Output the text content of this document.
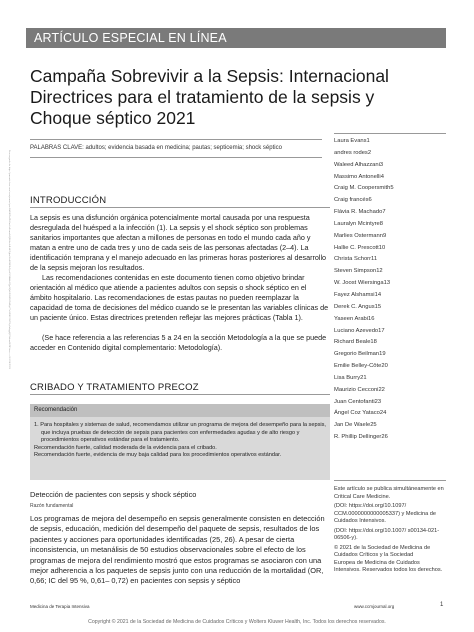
ARTÍCULO ESPECIAL EN LÍNEA
Campaña Sobrevivir a la Sepsis: Internacional
Directrices para el tratamiento de la sepsis y
Choque séptico 2021
PALABRAS CLAVE: adultos; evidencia basada en medicina; pautas; septicemia; shock séptico
INTRODUCCIÓN

La sepsis es una disfunción orgánica potencialmente mortal causada por una respuesta desregulada del huésped a la infección (1). La sepsis y el shock séptico son problemas sanitarios importantes que afectan a millones de personas en todo el mundo cada año y matan a entre uno de cada tres y uno de cada seis de las personas afectadas (2–4). La identificación temprana y el manejo adecuado en las primeras horas posteriores al desarrollo de la sepsis mejoran los resultados.

Las recomendaciones contenidas en este documento tienen como objetivo brindar orientación al médico que atiende a pacientes adultos con sepsis o shock séptico en el ámbito hospitalario. Las recomendaciones de estas pautas no pueden reemplazar la capacidad de toma de decisiones del médico cuando se le presentan las variables clínicas de un paciente único. Estas directrices pretenden reflejar las mejores prácticas (Tabla 1).

(Se hace referencia a las referencias 5 a 24 en la sección Metodología a la que se puede acceder en Contenido digital complementario: Metodología).

CRIBADO Y TRATAMIENTO PRECOZ
Recomendación
1. Para hospitales y sistemas de salud, recomendamos utilizar un programa de mejora del desempeño para la sepsis, que incluya pruebas de detección de sepsis para pacientes con enfermedades agudas y de alto riesgo y procedimientos operativos estándar para el tratamiento.
Recomendación fuerte, calidad moderada de la evidencia para el cribado.
Recomendación fuerte, evidencia de muy baja calidad para los procedimientos operativos estándar.
Detección de pacientes con sepsis y shock séptico
Razón fundamental
Los programas de mejora del desempeño en sepsis generalmente consisten en detección de sepsis, educación, medición del desempeño del paquete de sepsis, resultados de los pacientes y acciones para oportunidades identificadas (25, 26). A pesar de cierta inconsistencia, un metanálisis de 50 estudios observacionales sobre el efecto de los programas de mejora del rendimiento mostró que estos programas se asociaron con una mejor adherencia a los paquetes de sepsis junto con una reducción de la mortalidad (OR, 0,66; IC del 95 %, 0,61– 0,72) en pacientes con sepsis y séptico
Laura Evans1
andres rodes2
Waleed Alhazzani3
Massimo Antonelli4
Craig M. Coopersmith5
Craig francés6
Flávia R. Machado7
Lauralyn Mcintyre8
Marlies Ostermann9
Hallie C. Prescott10
Christa Schorr11
Steven Simpson12
W. Joost Wiersinga13
Fayez Alshamsi14
Derek C. Angus15
Yaseen Arabi16
Luciano Azevedo17
Richard Beale18
Gregorio Beilman19
Emilie Belley-Côte20
Lisa Burry21
Maurizio Cecconi22
Juan Centofanti23
Ángel Coz Yataco24
Jan De Waele25
R. Phillip Dellinger26

Este artículo se publica simultáneamente en Critical Care Medicine.

(DOI: https://doi.org/10.1097/ CCM.0000000000005337) y Medicina de Cuidados Intensivos.

(DOI: https://doi.org/10.1007/ s00134-021-06506-y).

© 2021 de la Sociedad de Medicina de Cuidados Críticos y la Sociedad

Europea de Medicina de Cuidados Intensivos. Reservados todos los derechos.

Descargado de http://journals.lww.com/ccmjournal por BhDMf5ePHKav1zEoum1tQfN4a+kJLhEZgbsIHo4XMi0hCywCX1AWnYQp/IlQrHD3i3D0OdRyi7TvSFl4Cf3VC1y0abggQZXdtwnfKZBYtws= el 10/04/2021
Medicina de Terapia Intensiva	www.ccmjournal.org	1
Copyright © 2021 de la Sociedad de Medicina de Cuidados Críticos y Wolters Kluwer Health, Inc. Todos los derechos reservados.
